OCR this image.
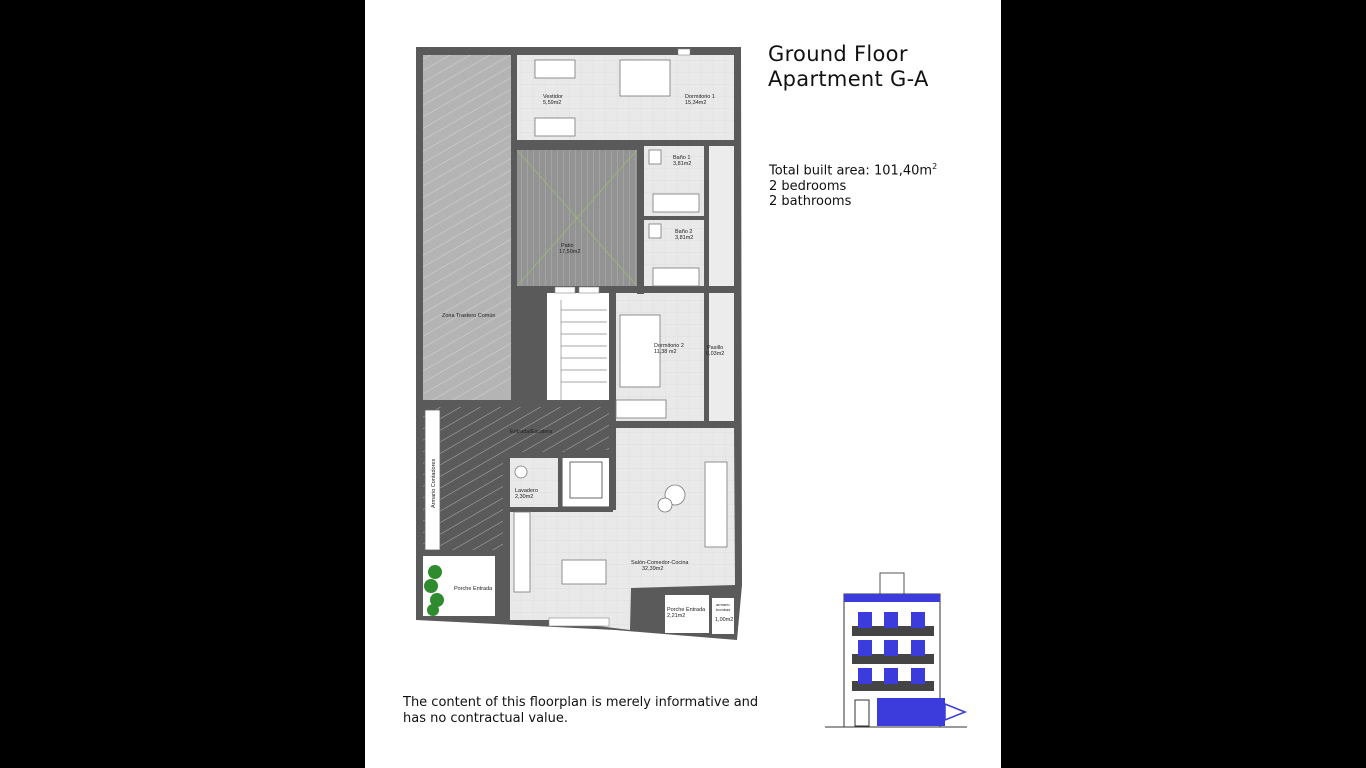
Vestidor
5,59m2
Dormitorio 1
15,34m2
Baño 1
3,81m2
Baño 2
3,81m2
Patio
17,50m2
Zona Trastero Común
Dormitorio 2
11,38 m2
Pasillo
6,03m2
Entrada/Escalera
Armario Contadores	Lavadero
2,30m2
Salón-Comedor-Cocina
32,39m2
Porche Entrada
Porche Entrada
2,21m2
armario
bombas
1,00m2
Ground Floor
Apartment G-A
Total built area: $101,40m^2$
2 bedrooms
2 bathrooms
The content of this floorplan is merely informative and has no contractual value.
